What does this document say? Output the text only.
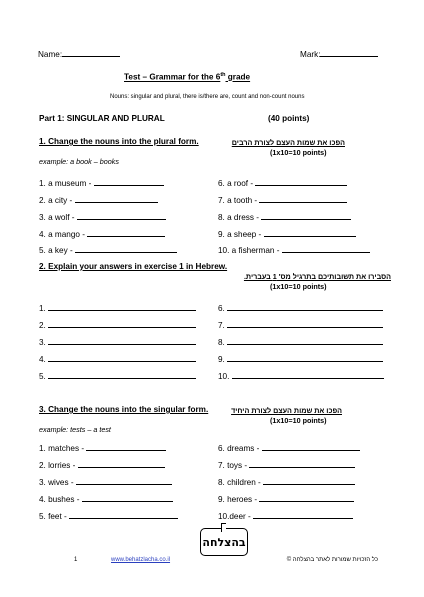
Name:	Mark:
Test – Grammar for the 6th grade
Nouns: singular and plural, there is/there are, count and non-count nouns
Part 1: SINGULAR AND PLURAL	(40 points)
1. Change the nouns into the plural form.	הפכו את שמות העצם לצורת הרבים
(1x10=10 points)
example: a book – books
1. a museum -
2. a city -
3. a wolf -
4. a mango -
5. a key -
6. a roof -
7. a tooth -
8. a dress -
9. a sheep -
10. a fisherman -
2. Explain your answers in exercise 1 in Hebrew.
הסבירו את תשובותיכם בתרגיל מס' 1 בעברית.
(1x10=10 points)
1.
2.
3.
4.
5.
6.
7.
8.
9.
10.
3. Change the nouns into the singular form.	הפכו את שמות העצם לצורת היחיד
(1x10=10 points)
example: tests – a test
1. matches -
2. lorries -
3. wives -
4. bushes -
5. feet -
6. dreams -
7. toys -
8. children -
9. heroes -
10.deer -
בהצלחה
1	www.behatzlacha.co.il	כל הזכויות שמורות לאתר בהצלחה ©
